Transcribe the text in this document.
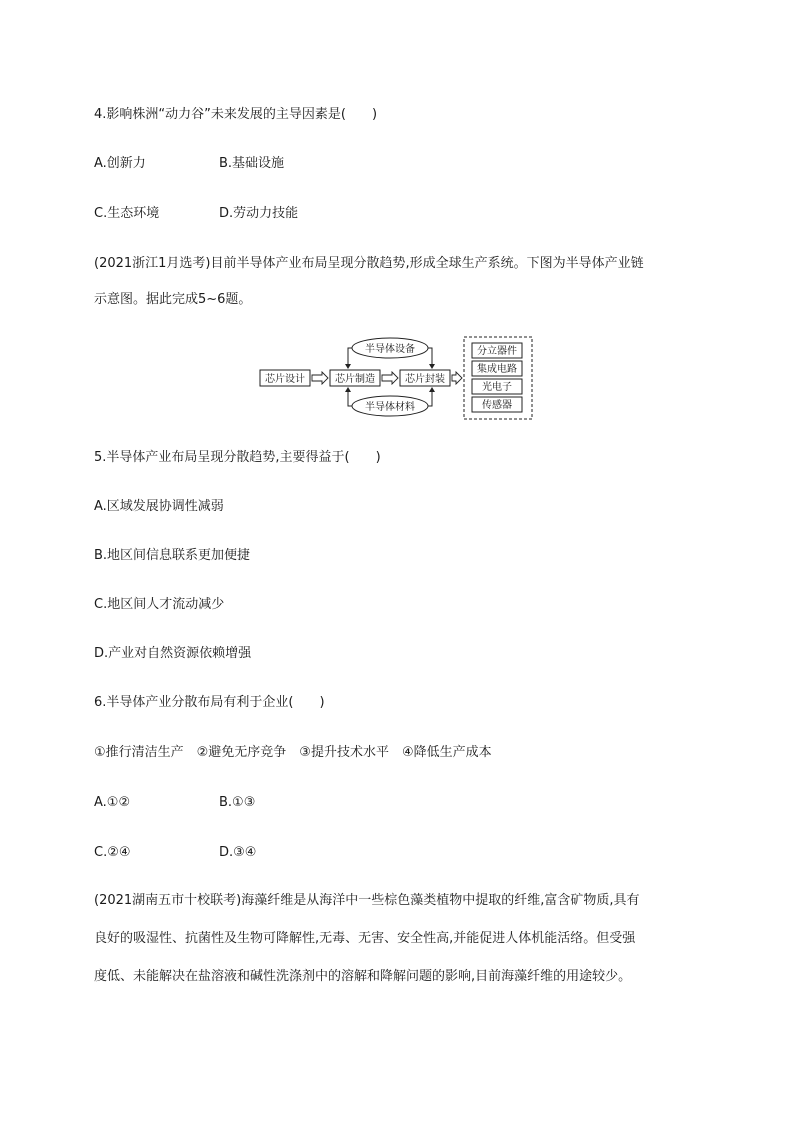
4.影响株洲“动力谷”未来发展的主导因素是(　　)
A.创新力	B.基础设施
C.生态环境	D.劳动力技能
(2021浙江1月选考)目前半导体产业布局呈现分散趋势,形成全球生产系统。下图为半导体产业链
示意图。据此完成5~6题。
芯片设计	芯片制造	芯片封装
半导体设备
半导体材料
分立器件
集成电路
光电子
传感器
5.半导体产业布局呈现分散趋势,主要得益于(　　)
A.区域发展协调性减弱
B.地区间信息联系更加便捷
C.地区间人才流动减少
D.产业对自然资源依赖增强
6.半导体产业分散布局有利于企业(　　)
①推行清洁生产　②避免无序竞争　③提升技术水平　④降低生产成本
A.①②	B.①③
C.②④	D.③④
(2021湖南五市十校联考)海藻纤维是从海洋中一些棕色藻类植物中提取的纤维,富含矿物质,具有
良好的吸湿性、抗菌性及生物可降解性,无毒、无害、安全性高,并能促进人体机能活络。但受强
度低、未能解决在盐溶液和碱性洗涤剂中的溶解和降解问题的影响,目前海藻纤维的用途较少。
